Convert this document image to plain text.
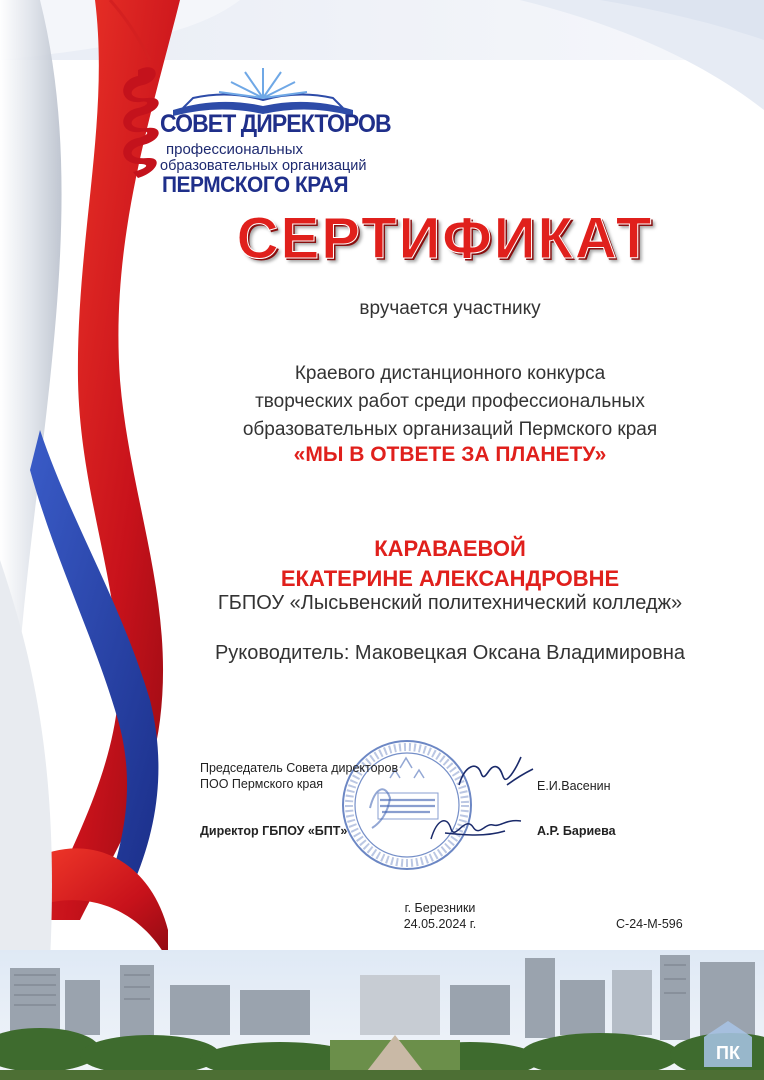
СОВЕТ ДИРЕКТОРОВ
профессиональных
образовательных организаций
ПЕРМСКОГО КРАЯ
СЕРТИФИКАТ
вручается участнику
Краевого дистанционного конкурса
творческих работ среди профессиональных
образовательных организаций Пермского края
«МЫ В ОТВЕТЕ ЗА ПЛАНЕТУ»
КАРАВАЕВОЙ
ЕКАТЕРИНЕ АЛЕКСАНДРОВНЕ
ГБПОУ «Лысьвенский политехнический колледж»
Руководитель: Маковецкая Оксана Владимировна
Председатель Совета директоров
ПОО Пермского края	Е.И.Васенин
Директор ГБПОУ «БПТ»	А.Р. Бариева
г. Березники
24.05.2024 г.	С-24-М-596
ПК
